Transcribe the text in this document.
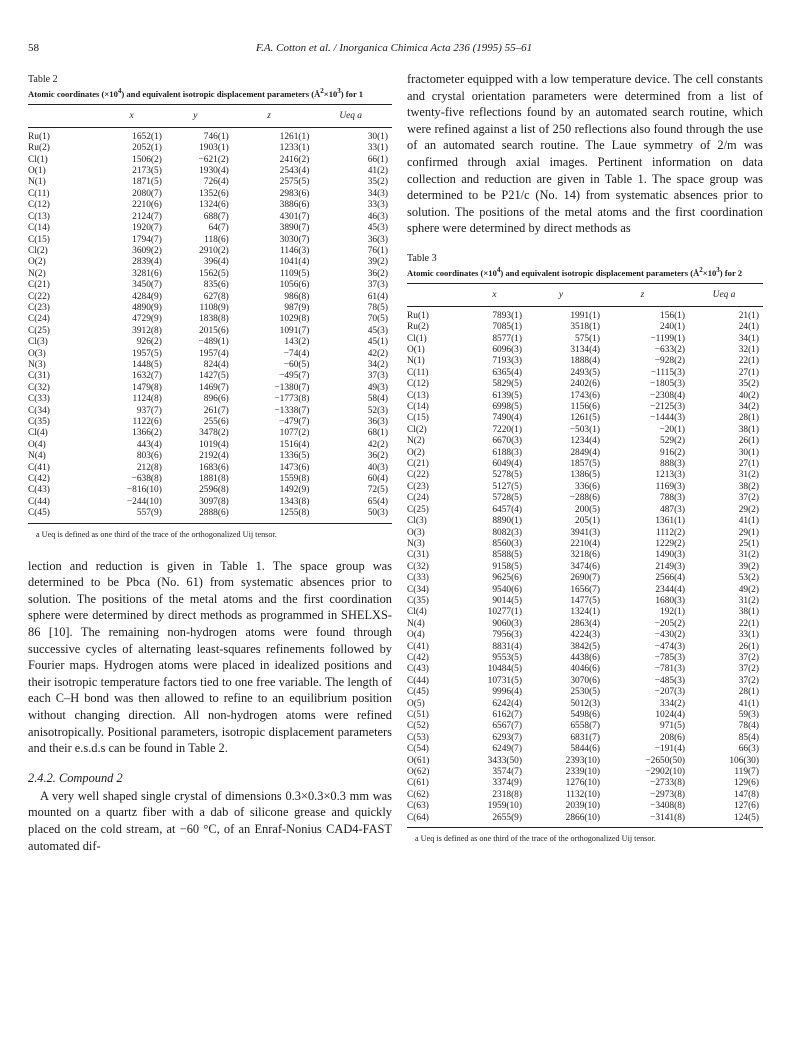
58	F.A. Cotton et al. / Inorganica Chimica Acta 236 (1995) 55–61
Table 2
Atomic coordinates $(\times 10^4)$ and equivalent isotropic displacement parameters $(Å^2\times 10^3)$ for 1
	x	y	z	Ueq a
Ru(1)	1652(1)	746(1)	1261(1)	30(1)
Ru(2)	2052(1)	1903(1)	1233(1)	33(1)
Cl(1)	1506(2)	−621(2)	2416(2)	66(1)
O(1)	2173(5)	1930(4)	2543(4)	41(2)
N(1)	1871(5)	726(4)	2575(5)	35(2)
C(11)	2080(7)	1352(6)	2983(6)	34(3)
C(12)	2210(6)	1324(6)	3886(6)	33(3)
C(13)	2124(7)	688(7)	4301(7)	46(3)
C(14)	1920(7)	64(7)	3890(7)	45(3)
C(15)	1794(7)	118(6)	3030(7)	36(3)
Cl(2)	3609(2)	2910(2)	1146(3)	76(1)
O(2)	2839(4)	396(4)	1041(4)	39(2)
N(2)	3281(6)	1562(5)	1109(5)	36(2)
C(21)	3450(7)	835(6)	1056(6)	37(3)
C(22)	4284(9)	627(8)	986(8)	61(4)
C(23)	4890(9)	1108(9)	987(9)	78(5)
C(24)	4729(9)	1838(8)	1029(8)	70(5)
C(25)	3912(8)	2015(6)	1091(7)	45(3)
Cl(3)	926(2)	−489(1)	143(2)	45(1)
O(3)	1957(5)	1957(4)	−74(4)	42(2)
N(3)	1448(5)	824(4)	−60(5)	34(2)
C(31)	1632(7)	1427(5)	−495(7)	37(3)
C(32)	1479(8)	1469(7)	−1380(7)	49(3)
C(33)	1124(8)	896(6)	−1773(8)	58(4)
C(34)	937(7)	261(7)	−1338(7)	52(3)
C(35)	1122(6)	255(6)	−479(7)	36(3)
Cl(4)	1366(2)	3478(2)	1077(2)	68(1)
O(4)	443(4)	1019(4)	1516(4)	42(2)
N(4)	803(6)	2192(4)	1336(5)	36(2)
C(41)	212(8)	1683(6)	1473(6)	40(3)
C(42)	−638(8)	1881(8)	1559(8)	60(4)
C(43)	−816(10)	2596(8)	1492(9)	72(5)
C(44)	−244(10)	3097(8)	1343(8)	65(4)
C(45)	557(9)	2888(6)	1255(8)	50(3)
a Ueq is defined as one third of the trace of the orthogonalized Uij tensor.

lection and reduction is given in Table 1. The space group was determined to be Pbca (No. 61) from systematic absences prior to solution. The positions of the metal atoms and the first coordination sphere were determined by direct methods as programmed in SHELXS-86 [10]. The remaining non-hydrogen atoms were found through successive cycles of alternating least-squares refinements followed by Fourier maps. Hydrogen atoms were placed in idealized positions and their isotropic temperature factors tied to one free variable. The length of each C–H bond was then allowed to refine to an equilibrium position without changing direction. All non-hydrogen atoms were refined anisotropically. Positional parameters, isotropic displacement parameters and their e.s.d.s can be found in Table 2.

2.4.2. Compound 2

A very well shaped single crystal of dimensions 0.3×0.3×0.3 mm was mounted on a quartz fiber with a dab of silicone grease and quickly placed on the cold stream, at −60 °C, of an Enraf-Nonius CAD4-FAST automated dif-

fractometer equipped with a low temperature device. The cell constants and crystal orientation parameters were determined from a list of twenty-five reflections found by an automated search routine, which were refined against a list of 250 reflections also found through the use of an automated search routine. The Laue symmetry of 2/m was confirmed through axial images. Pertinent information on data collection and reduction are given in Table 1. The space group was determined to be P21/c (No. 14) from systematic absences prior to solution. The positions of the metal atoms and the first coordination sphere were determined by direct methods as

Table 3
Atomic coordinates $(\times 10^4)$ and equivalent isotropic displacement parameters $(Å^2\times 10^3)$ for 2
	x	y	z	Ueq a
Ru(1)	7893(1)	1991(1)	156(1)	21(1)
Ru(2)	7085(1)	3518(1)	240(1)	24(1)
Cl(1)	8577(1)	575(1)	−1199(1)	34(1)
O(1)	6096(3)	3134(4)	−633(2)	32(1)
N(1)	7193(3)	1888(4)	−928(2)	22(1)
C(11)	6365(4)	2493(5)	−1115(3)	27(1)
C(12)	5829(5)	2402(6)	−1805(3)	35(2)
C(13)	6139(5)	1743(6)	−2308(4)	40(2)
C(14)	6998(5)	1156(6)	−2125(3)	34(2)
C(15)	7490(4)	1261(5)	−1444(3)	28(1)
Cl(2)	7220(1)	−503(1)	−20(1)	38(1)
N(2)	6670(3)	1234(4)	529(2)	26(1)
O(2)	6188(3)	2849(4)	916(2)	30(1)
C(21)	6049(4)	1857(5)	888(3)	27(1)
C(22)	5278(5)	1386(5)	1213(3)	31(2)
C(23)	5127(5)	336(6)	1169(3)	38(2)
C(24)	5728(5)	−288(6)	788(3)	37(2)
C(25)	6457(4)	200(5)	487(3)	29(2)
Cl(3)	8890(1)	205(1)	1361(1)	41(1)
O(3)	8082(3)	3941(3)	1112(2)	29(1)
N(3)	8560(3)	2210(4)	1229(2)	25(1)
C(31)	8588(5)	3218(6)	1490(3)	31(2)
C(32)	9158(5)	3474(6)	2149(3)	39(2)
C(33)	9625(6)	2690(7)	2566(4)	53(2)
C(34)	9540(6)	1656(7)	2344(4)	49(2)
C(35)	9014(5)	1477(5)	1680(3)	31(2)
Cl(4)	10277(1)	1324(1)	192(1)	38(1)
N(4)	9060(3)	2863(4)	−205(2)	22(1)
O(4)	7956(3)	4224(3)	−430(2)	33(1)
C(41)	8831(4)	3842(5)	−474(3)	26(1)
C(42)	9553(5)	4438(6)	−785(3)	37(2)
C(43)	10484(5)	4046(6)	−781(3)	37(2)
C(44)	10731(5)	3070(6)	−485(3)	37(2)
C(45)	9996(4)	2530(5)	−207(3)	28(1)
O(5)	6242(4)	5012(3)	334(2)	41(1)
C(51)	6162(7)	5498(6)	1024(4)	59(3)
C(52)	6567(7)	6558(7)	971(5)	78(4)
C(53)	6293(7)	6831(7)	208(6)	85(4)
C(54)	6249(7)	5844(6)	−191(4)	66(3)
O(61)	3433(50)	2393(10)	−2650(50)	106(30)
O(62)	3574(7)	2339(10)	−2902(10)	119(7)
C(61)	3374(9)	1276(10)	−2733(8)	129(6)
C(62)	2318(8)	1132(10)	−2973(8)	147(8)
C(63)	1959(10)	2039(10)	−3408(8)	127(6)
C(64)	2655(9)	2866(10)	−3141(8)	124(5)
a Ueq is defined as one third of the trace of the orthogonalized Uij tensor.
